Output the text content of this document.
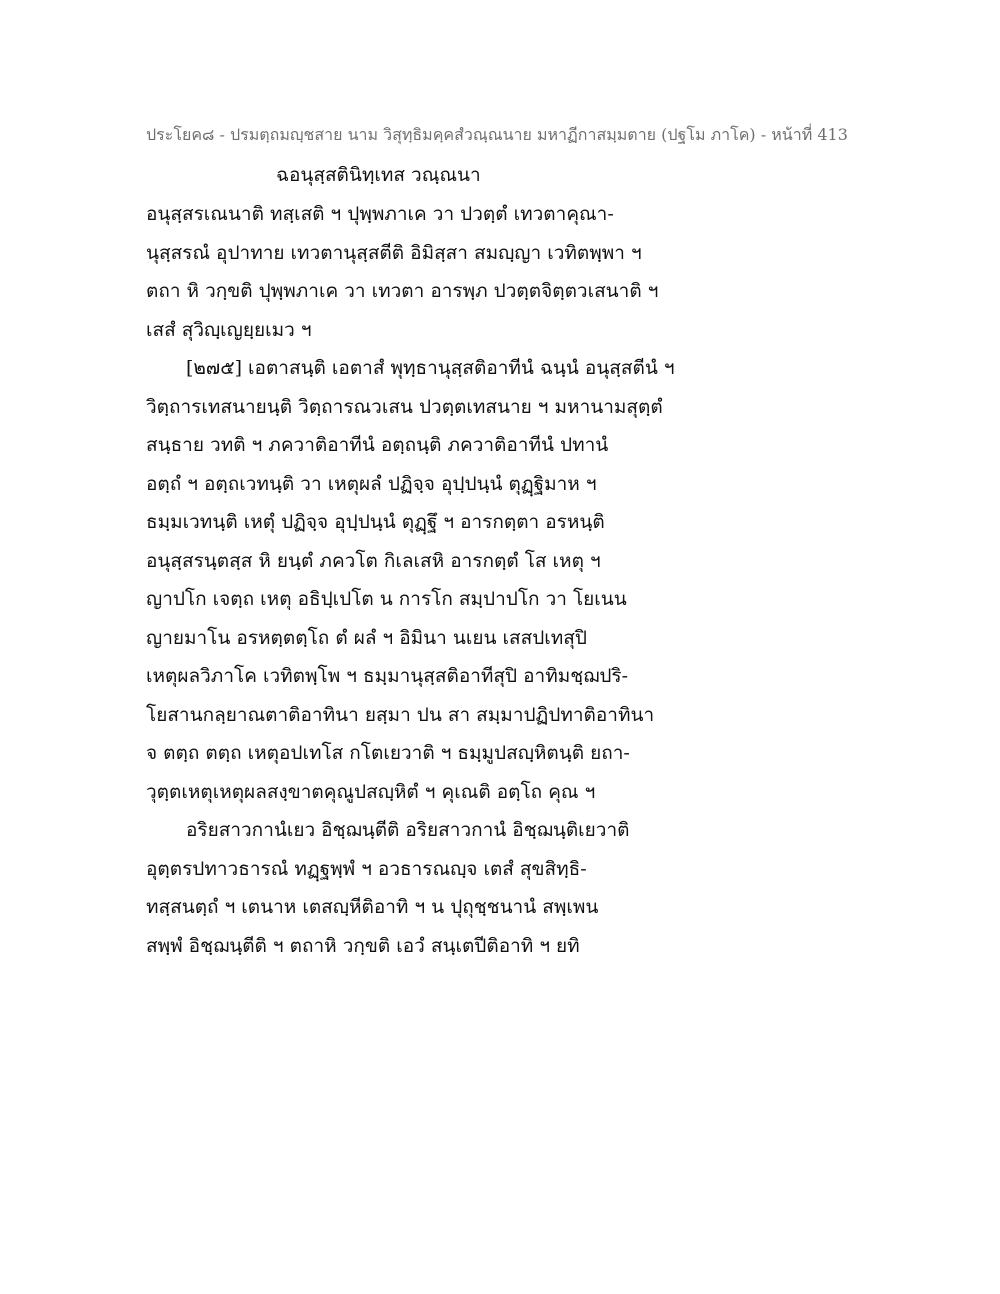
ประโยค๘ - ปรมตฺถมญฺชสาย นาม วิสุทฺธิมคฺคสํวณฺณนาย มหาฏีกาสมฺมตาย (ปฐโม ภาโค) - หน้าที่ 413
ฉอนุสฺสตินิทฺเทส วณฺณนา
อนุสฺสรเณนาติ ทสฺเสติ ฯ ปุพฺพภาเค วา ปวตฺตํ เทวตาคุณา-
นุสฺสรณํ อุปาทาย เทวตานุสฺสตีติ อิมิสฺสา สมญฺญา เวทิตพฺพา ฯ
ตถา หิ วกฺขติ ปุพฺพภาเค วา เทวตา อารพฺภ ปวตฺตจิตฺตวเสนาติ ฯ
เสสํ สุวิญฺเญยฺยเมว ฯ
[๒๗๕] เอตาสนฺติ เอตาสํ พุทฺธานุสฺสติอาทีนํ ฉนฺนํ อนุสฺสตีนํ ฯ
วิตฺถารเทสนายนฺติ วิตฺถารณวเสน ปวตฺตเทสนาย ฯ มหานามสุตฺตํ
สนฺธาย วทติ ฯ ภควาติอาทีนํ อตฺถนฺติ ภควาติอาทีนํ ปทานํ
อตฺถํ ฯ อตฺถเวทนฺติ วา เหตุผลํ ปฏิจฺจ อุปฺปนฺนํ ตุฏฺฐิมาห ฯ
ธมฺมเวทนฺติ เหตุํ ปฏิจฺจ อุปฺปนฺนํ ตุฏฺฐึ ฯ อารกตฺตา อรหนฺติ
อนุสฺสรนฺตสฺส หิ ยนฺตํ ภควโต กิเลเสหิ อารกตฺตํ โส เหตุ ฯ
ญาปโก เจตฺถ เหตุ อธิปฺเปโต น การโก สมฺปาปโก วา โยเนน
ญายมาโน อรหตฺตตฺโถ ตํ ผลํ ฯ อิมินา นเยน เสสปเทสุปิ
เหตุผลวิภาโค เวทิตพฺโพ ฯ ธมฺมานุสฺสติอาทีสุปิ อาทิมชฺฌปริ-
โยสานกลฺยาณตาติอาทินา ยสฺมา ปน สา สมฺมาปฏิปทาติอาทินา
จ ตตฺถ ตตฺถ เหตุอปเทโส กโตเยวาติ ฯ ธมฺมูปสญฺหิตนฺติ ยถา-
วุตฺตเหตุเหตุผลสงฺขาตคุณูปสญฺหิตํ ฯ คุเณติ อตฺโถ คุณ ฯ
อริยสาวกานํเยว อิชฺฌนฺตีติ อริยสาวกานํ อิชฺฌนฺติเยวาติ
อุตฺตรปทาวธารณํ ทฏฺฐพฺพํ ฯ อวธารณญฺจ เตสํ สุขสิทฺธิ-
ทสฺสนตฺถํ ฯ เตนาห เตสญฺหีติอาทิ ฯ น ปุถุชฺชนานํ สพฺเพน
สพฺพํ อิชฺฌนฺตีติ ฯ ตถาหิ วกฺขติ เอวํ สนฺเตปีติอาทิ ฯ ยทิ
